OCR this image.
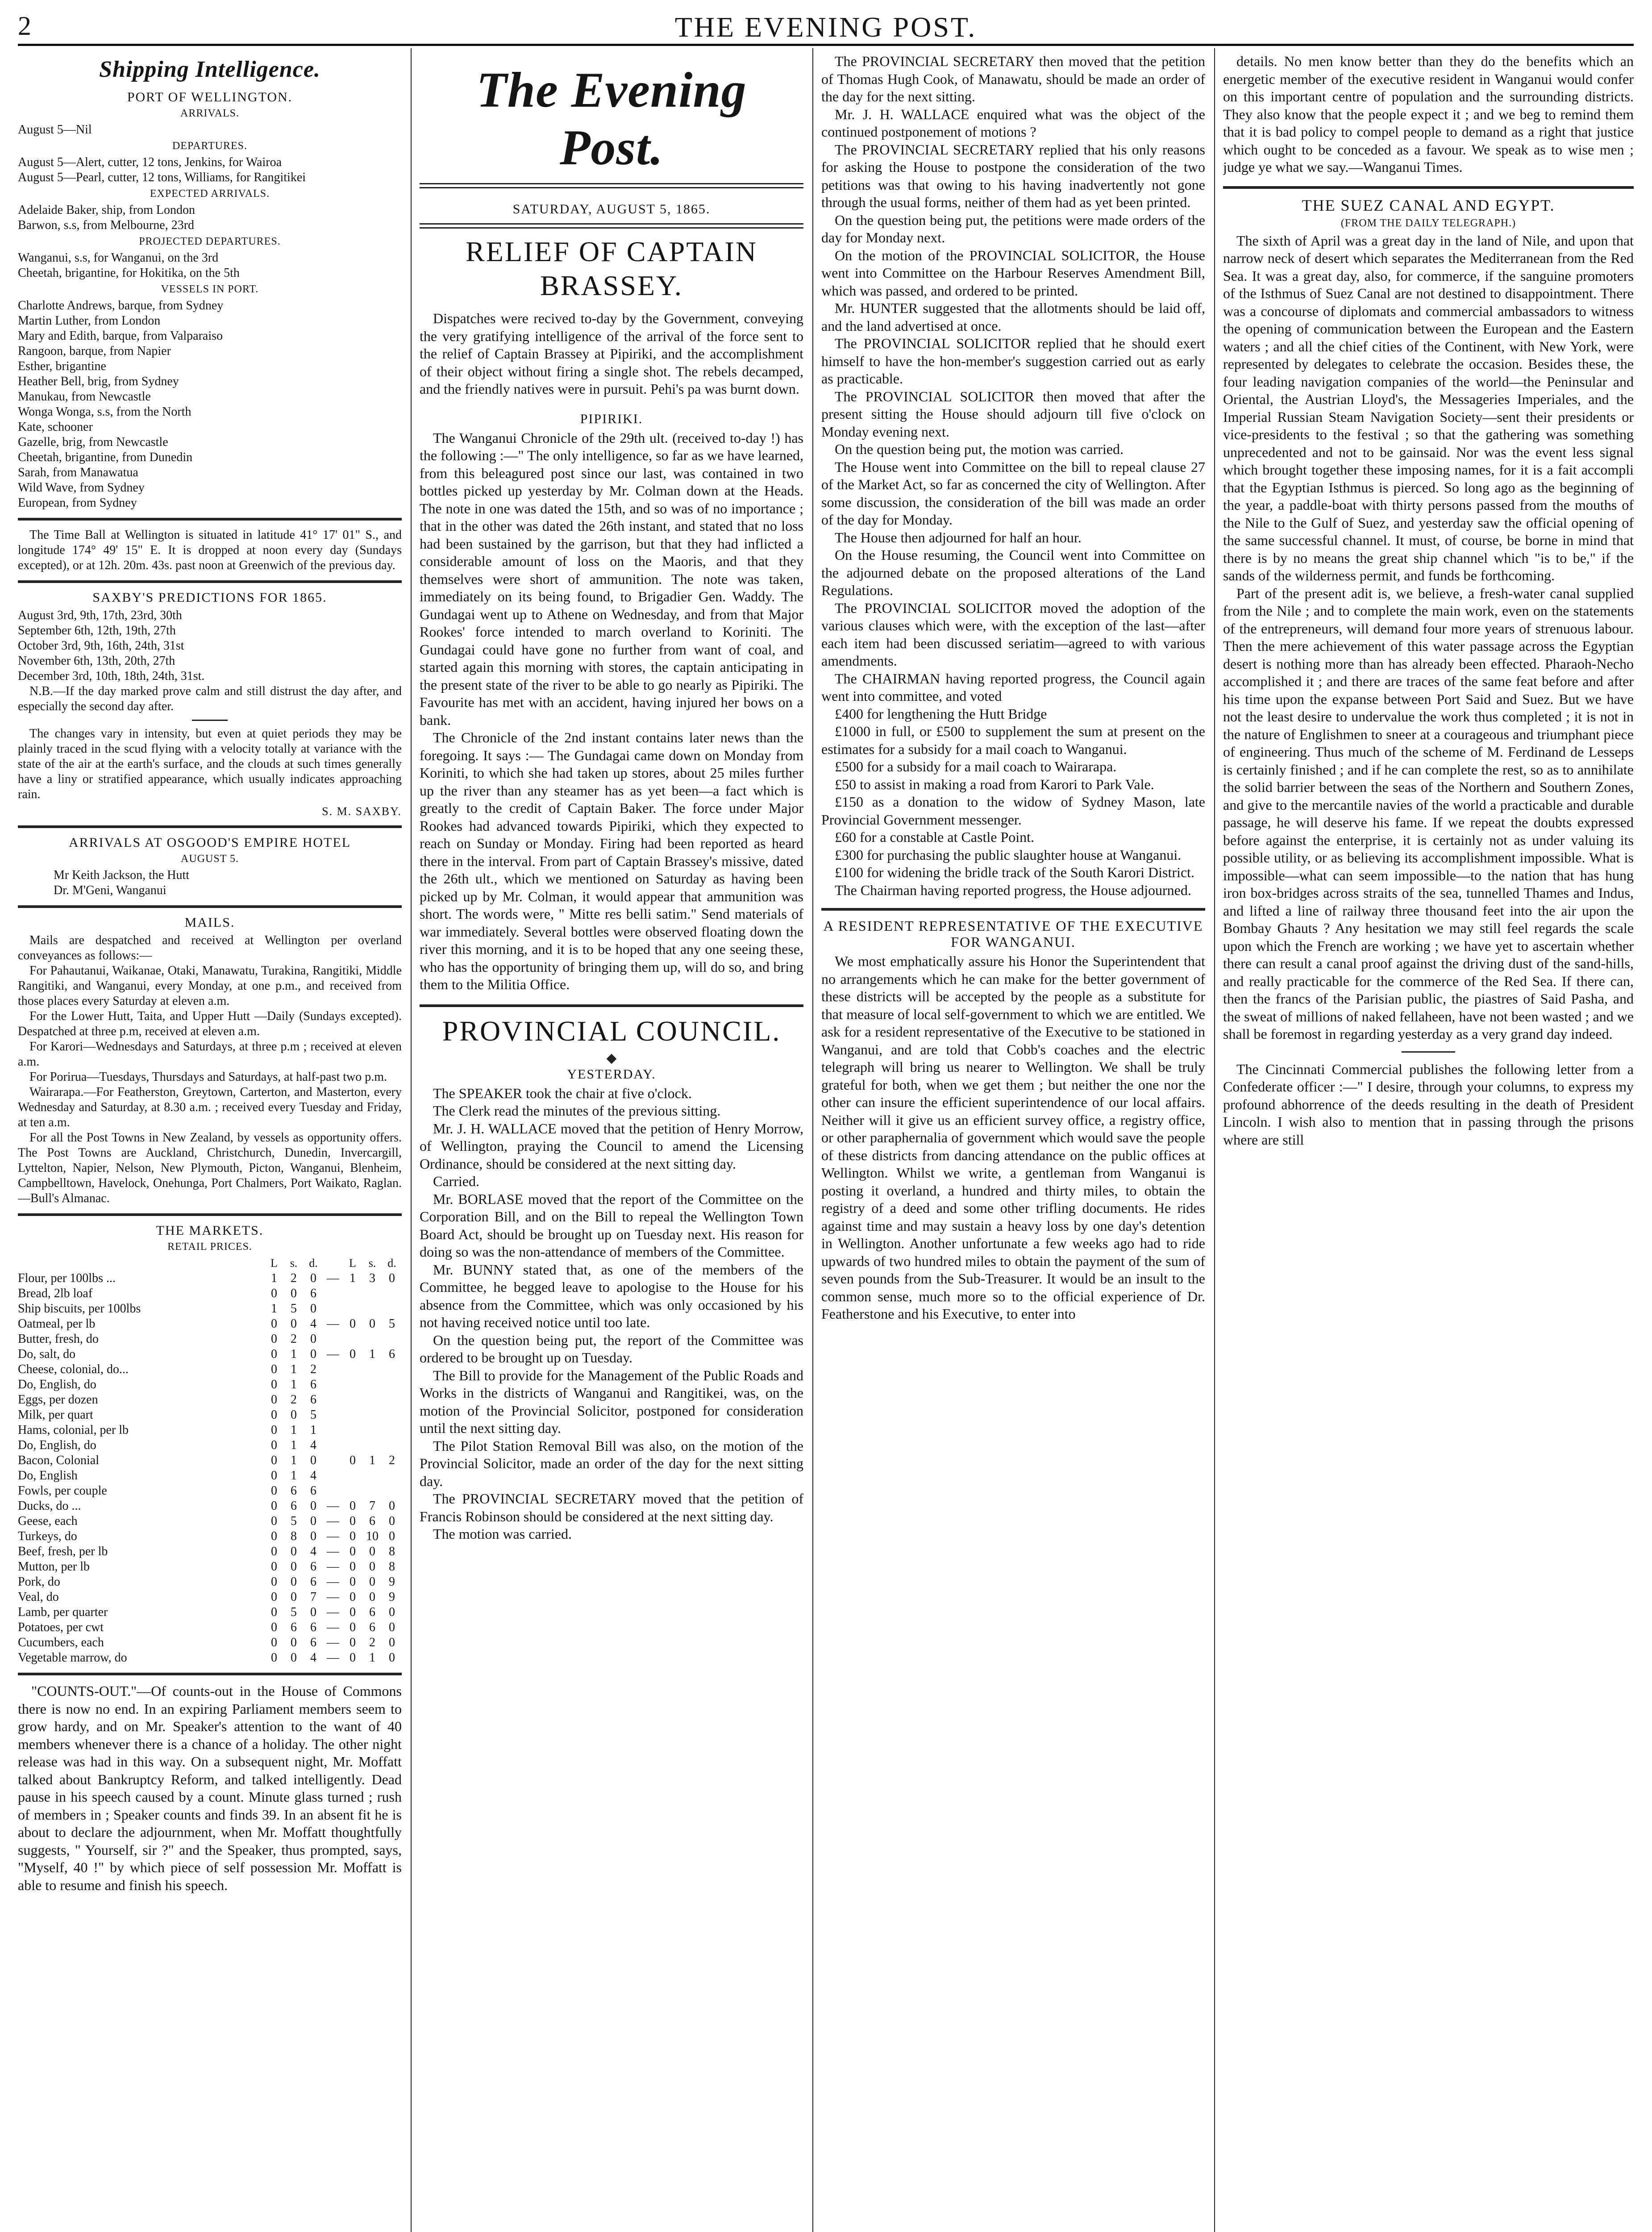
2	THE EVENING POST.
Shipping Intelligence.
PORT OF WELLINGTON.
ARRIVALS.
August 5—Nil
DEPARTURES.
August 5—Alert, cutter, 12 tons, Jenkins, for Wairoa
August 5—Pearl, cutter, 12 tons, Williams, for Rangitikei
EXPECTED ARRIVALS.
Adelaide Baker, ship, from London
Barwon, s.s, from Melbourne, 23rd
PROJECTED DEPARTURES.
Wanganui, s.s, for Wanganui, on the 3rd
Cheetah, brigantine, for Hokitika, on the 5th
VESSELS IN PORT.
Charlotte Andrews, barque, from Sydney
Martin Luther, from London
Mary and Edith, barque, from Valparaiso
Rangoon, barque, from Napier
Esther, brigantine
Heather Bell, brig, from Sydney
Manukau, from Newcastle
Wonga Wonga, s.s, from the North
Kate, schooner
Gazelle, brig, from Newcastle
Cheetah, brigantine, from Dunedin
Sarah, from Manawatua
Wild Wave, from Sydney
European, from Sydney

The Time Ball at Wellington is situated in latitude 41° 17' 01" S., and longitude 174° 49' 15" E. It is dropped at noon every day (Sundays excepted), or at 12h. 20m. 43s. past noon at Greenwich of the previous day.

SAXBY'S PREDICTIONS FOR 1865.
August 3rd, 9th, 17th, 23rd, 30th
September 6th, 12th, 19th, 27th
October 3rd, 9th, 16th, 24th, 31st
November 6th, 13th, 20th, 27th
December 3rd, 10th, 18th, 24th, 31st.

N.B.—If the day marked prove calm and still distrust the day after, and especially the second day after.

The changes vary in intensity, but even at quiet periods they may be plainly traced in the scud flying with a velocity totally at variance with the state of the air at the earth's surface, and the clouds at such times generally have a liny or stratified appearance, which usually indicates approaching rain.

S. M. SAXBY.
ARRIVALS AT OSGOOD'S EMPIRE HOTEL
AUGUST 5.
Mr Keith Jackson, the Hutt
Dr. M'Geni, Wanganui
MAILS.

Mails are despatched and received at Wellington per overland conveyances as follows:—

For Pahautanui, Waikanae, Otaki, Manawatu, Turakina, Rangitiki, Middle Rangitiki, and Wanganui, every Monday, at one p.m., and received from those places every Saturday at eleven a.m.

For the Lower Hutt, Taita, and Upper Hutt —Daily (Sundays excepted). Despatched at three p.m, received at eleven a.m.

For Karori—Wednesdays and Saturdays, at three p.m ; received at eleven a.m.

For Porirua—Tuesdays, Thursdays and Saturdays, at half-past two p.m.

Wairarapa.—For Featherston, Greytown, Carterton, and Masterton, every Wednesday and Saturday, at 8.30 a.m. ; received every Tuesday and Friday, at ten a.m.

For all the Post Towns in New Zealand, by vessels as opportunity offers. The Post Towns are Auckland, Christchurch, Dunedin, Invercargill, Lyttelton, Napier, Nelson, New Plymouth, Picton, Wanganui, Blenheim, Campbelltown, Havelock, Onehunga, Port Chalmers, Port Waikato, Raglan.—Bull's Almanac.

THE MARKETS.
RETAIL PRICES.
	L	s.	d.		L	s.	d.
Flour, per 100lbs ...	1	2	0	—	1	3	0
Bread, 2lb loaf	0	0	6				
Ship biscuits, per 100lbs	1	5	0				
Oatmeal, per lb	0	0	4	—	0	0	5
Butter, fresh, do	0	2	0				
Do, salt, do	0	1	0	—	0	1	6
Cheese, colonial, do...	0	1	2				
Do, English, do	0	1	6				
Eggs, per dozen	0	2	6				
Milk, per quart	0	0	5				
Hams, colonial, per lb	0	1	1				
Do, English, do	0	1	4				
Bacon, Colonial	0	1	0		0	1	2
Do, English	0	1	4				
Fowls, per couple	0	6	6				
Ducks, do ...	0	6	0	—	0	7	0
Geese, each	0	5	0	—	0	6	0
Turkeys, do	0	8	0	—	0	10	0
Beef, fresh, per lb	0	0	4	—	0	0	8
Mutton, per lb	0	0	6	—	0	0	8
Pork, do	0	0	6	—	0	0	9
Veal, do	0	0	7	—	0	0	9
Lamb, per quarter	0	5	0	—	0	6	0
Potatoes, per cwt	0	6	6	—	0	6	0
Cucumbers, each	0	0	6	—	0	2	0
Vegetable marrow, do	0	0	4	—	0	1	0

"COUNTS-OUT."—Of counts-out in the House of Commons there is now no end. In an expiring Parliament members seem to grow hardy, and on Mr. Speaker's attention to the want of 40 members whenever there is a chance of a holiday. The other night release was had in this way. On a subsequent night, Mr. Moffatt talked about Bankruptcy Reform, and talked intelligently. Dead pause in his speech caused by a count. Minute glass turned ; rush of members in ; Speaker counts and finds 39. In an absent fit he is about to declare the adjournment, when Mr. Moffatt thoughtfully suggests, " Yourself, sir ?" and the Speaker, thus prompted, says, "Myself, 40 !" by which piece of self possession Mr. Moffatt is able to resume and finish his speech.

The Evening Post.
SATURDAY, AUGUST 5, 1865.
RELIEF OF CAPTAIN BRASSEY.

Dispatches were recived to-day by the Government, conveying the very gratifying intelligence of the arrival of the force sent to the relief of Captain Brassey at Pipiriki, and the accomplishment of their object without firing a single shot. The rebels decamped, and the friendly natives were in pursuit. Pehi's pa was burnt down.

PIPIRIKI.

The Wanganui Chronicle of the 29th ult. (received to-day !) has the following :—" The only intelligence, so far as we have learned, from this beleagured post since our last, was contained in two bottles picked up yesterday by Mr. Colman down at the Heads. The note in one was dated the 15th, and so was of no importance ; that in the other was dated the 26th instant, and stated that no loss had been sustained by the garrison, but that they had inflicted a considerable amount of loss on the Maoris, and that they themselves were short of ammunition. The note was taken, immediately on its being found, to Brigadier Gen. Waddy. The Gundagai went up to Athene on Wednesday, and from that Major Rookes' force intended to march overland to Koriniti. The Gundagai could have gone no further from want of coal, and started again this morning with stores, the captain anticipating in the present state of the river to be able to go nearly as Pipiriki. The Favourite has met with an accident, having injured her bows on a bank.

The Chronicle of the 2nd instant contains later news than the foregoing. It says :— The Gundagai came down on Monday from Koriniti, to which she had taken up stores, about 25 miles further up the river than any steamer has as yet been—a fact which is greatly to the credit of Captain Baker. The force under Major Rookes had advanced towards Pipiriki, which they expected to reach on Sunday or Monday. Firing had been reported as heard there in the interval. From part of Captain Brassey's missive, dated the 26th ult., which we mentioned on Saturday as having been picked up by Mr. Colman, it would appear that ammunition was short. The words were, " Mitte res belli satim." Send materials of war immediately. Several bottles were observed floating down the river this morning, and it is to be hoped that any one seeing these, who has the opportunity of bringing them up, will do so, and bring them to the Militia Office.

PROVINCIAL COUNCIL.
YESTERDAY.

The SPEAKER took the chair at five o'clock.

The Clerk read the minutes of the previous sitting.

Mr. J. H. WALLACE moved that the petition of Henry Morrow, of Wellington, praying the Council to amend the Licensing Ordinance, should be considered at the next sitting day.

Carried.

Mr. BORLASE moved that the report of the Committee on the Corporation Bill, and on the Bill to repeal the Wellington Town Board Act, should be brought up on Tuesday next. His reason for doing so was the non-attendance of members of the Committee.

Mr. BUNNY stated that, as one of the members of the Committee, he begged leave to apologise to the House for his absence from the Committee, which was only occasioned by his not having received notice until too late.

On the question being put, the report of the Committee was ordered to be brought up on Tuesday.

The Bill to provide for the Management of the Public Roads and Works in the districts of Wanganui and Rangitikei, was, on the motion of the Provincial Solicitor, postponed for consideration until the next sitting day.

The Pilot Station Removal Bill was also, on the motion of the Provincial Solicitor, made an order of the day for the next sitting day.

The PROVINCIAL SECRETARY moved that the petition of Francis Robinson should be considered at the next sitting day.

The motion was carried.

The PROVINCIAL SECRETARY then moved that the petition of Thomas Hugh Cook, of Manawatu, should be made an order of the day for the next sitting.

Mr. J. H. WALLACE enquired what was the object of the continued postponement of motions ?

The PROVINCIAL SECRETARY replied that his only reasons for asking the House to postpone the consideration of the two petitions was that owing to his having inadvertently not gone through the usual forms, neither of them had as yet been printed.

On the question being put, the petitions were made orders of the day for Monday next.

On the motion of the PROVINCIAL SOLICITOR, the House went into Committee on the Harbour Reserves Amendment Bill, which was passed, and ordered to be printed.

Mr. HUNTER suggested that the allotments should be laid off, and the land advertised at once.

The PROVINCIAL SOLICITOR replied that he should exert himself to have the hon-member's suggestion carried out as early as practicable.

The PROVINCIAL SOLICITOR then moved that after the present sitting the House should adjourn till five o'clock on Monday evening next.

On the question being put, the motion was carried.

The House went into Committee on the bill to repeal clause 27 of the Market Act, so far as concerned the city of Wellington. After some discussion, the consideration of the bill was made an order of the day for Monday.

The House then adjourned for half an hour.

On the House resuming, the Council went into Committee on the adjourned debate on the proposed alterations of the Land Regulations.

The PROVINCIAL SOLICITOR moved the adoption of the various clauses which were, with the exception of the last—after each item had been discussed seriatim—agreed to with various amendments.

The CHAIRMAN having reported progress, the Council again went into committee, and voted

£400 for lengthening the Hutt Bridge

£1000 in full, or £500 to supplement the sum at present on the estimates for a subsidy for a mail coach to Wanganui.

£500 for a subsidy for a mail coach to Wairarapa.

£50 to assist in making a road from Karori to Park Vale.

£150 as a donation to the widow of Sydney Mason, late Provincial Government messenger.

£60 for a constable at Castle Point.

£300 for purchasing the public slaughter house at Wanganui.

£100 for widening the bridle track of the South Karori District.

The Chairman having reported progress, the House adjourned.

A RESIDENT REPRESENTATIVE OF THE EXECUTIVE FOR WANGANUI.

We most emphatically assure his Honor the Superintendent that no arrangements which he can make for the better government of these districts will be accepted by the people as a substitute for that measure of local self-government to which we are entitled. We ask for a resident representative of the Executive to be stationed in Wanganui, and are told that Cobb's coaches and the electric telegraph will bring us nearer to Wellington. We shall be truly grateful for both, when we get them ; but neither the one nor the other can insure the efficient superintendence of our local affairs. Neither will it give us an efficient survey office, a registry office, or other paraphernalia of government which would save the people of these districts from dancing attendance on the public offices at Wellington. Whilst we write, a gentleman from Wanganui is posting it overland, a hundred and thirty miles, to obtain the registry of a deed and some other trifling documents. He rides against time and may sustain a heavy loss by one day's detention in Wellington. Another unfortunate a few weeks ago had to ride upwards of two hundred miles to obtain the payment of the sum of seven pounds from the Sub-Treasurer. It would be an insult to the common sense, much more so to the official experience of Dr. Featherstone and his Executive, to enter into

details. No men know better than they do the benefits which an energetic member of the executive resident in Wanganui would confer on this important centre of population and the surrounding districts. They also know that the people expect it ; and we beg to remind them that it is bad policy to compel people to demand as a right that justice which ought to be conceded as a favour. We speak as to wise men ; judge ye what we say.—Wanganui Times.

THE SUEZ CANAL AND EGYPT.
(FROM THE DAILY TELEGRAPH.)

The sixth of April was a great day in the land of Nile, and upon that narrow neck of desert which separates the Mediterranean from the Red Sea. It was a great day, also, for commerce, if the sanguine promoters of the Isthmus of Suez Canal are not destined to disappointment. There was a concourse of diplomats and commercial ambassadors to witness the opening of communication between the European and the Eastern waters ; and all the chief cities of the Continent, with New York, were represented by delegates to celebrate the occasion. Besides these, the four leading navigation companies of the world—the Peninsular and Oriental, the Austrian Lloyd's, the Messageries Imperiales, and the Imperial Russian Steam Navigation Society—sent their presidents or vice-presidents to the festival ; so that the gathering was something unprecedented and not to be gainsaid. Nor was the event less signal which brought together these imposing names, for it is a fait accompli that the Egyptian Isthmus is pierced. So long ago as the beginning of the year, a paddle-boat with thirty persons passed from the mouths of the Nile to the Gulf of Suez, and yesterday saw the official opening of the same successful channel. It must, of course, be borne in mind that there is by no means the great ship channel which "is to be," if the sands of the wilderness permit, and funds be forthcoming.

Part of the present adit is, we believe, a fresh-water canal supplied from the Nile ; and to complete the main work, even on the statements of the entrepreneurs, will demand four more years of strenuous labour. Then the mere achievement of this water passage across the Egyptian desert is nothing more than has already been effected. Pharaoh-Necho accomplished it ; and there are traces of the same feat before and after his time upon the expanse between Port Said and Suez. But we have not the least desire to undervalue the work thus completed ; it is not in the nature of Englishmen to sneer at a courageous and triumphant piece of engineering. Thus much of the scheme of M. Ferdinand de Lesseps is certainly finished ; and if he can complete the rest, so as to annihilate the solid barrier between the seas of the Northern and Southern Zones, and give to the mercantile navies of the world a practicable and durable passage, he will deserve his fame. If we repeat the doubts expressed before against the enterprise, it is certainly not as under valuing its possible utility, or as believing its accomplishment impossible. What is impossible—what can seem impossible—to the nation that has hung iron box-bridges across straits of the sea, tunnelled Thames and Indus, and lifted a line of railway three thousand feet into the air upon the Bombay Ghauts ? Any hesitation we may still feel regards the scale upon which the French are working ; we have yet to ascertain whether there can result a canal proof against the driving dust of the sand-hills, and really practicable for the commerce of the Red Sea. If there can, then the francs of the Parisian public, the piastres of Said Pasha, and the sweat of millions of naked fellaheen, have not been wasted ; and we shall be foremost in regarding yesterday as a very grand day indeed.

The Cincinnati Commercial publishes the following letter from a Confederate officer :—" I desire, through your columns, to express my profound abhorrence of the deeds resulting in the death of President Lincoln. I wish also to mention that in passing through the prisons where are still
